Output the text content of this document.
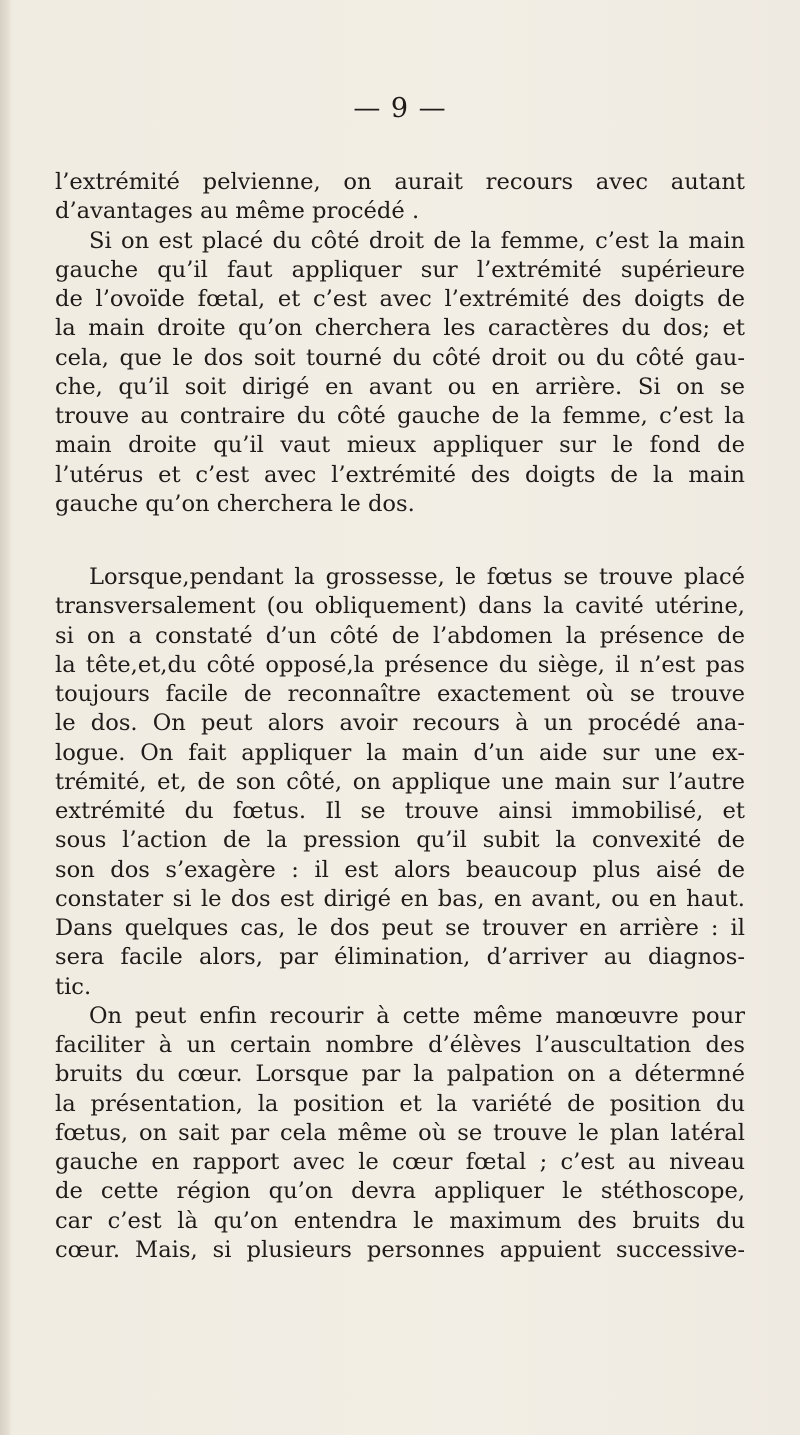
— 9 —
l’extrémité pelvienne, on aurait recours avec autant
d’avantages au même procédé .
Si on est placé du côté droit de la femme, c’est la main
gauche qu’il faut appliquer sur l’extrémité supérieure
de l’ovoïde fœtal, et c’est avec l’extrémité des doigts de
la main droite qu’on cherchera les caractères du dos; et
cela, que le dos soit tourné du côté droit ou du côté gau-
che, qu’il soit dirigé en avant ou en arrière. Si on se
trouve au contraire du côté gauche de la femme, c’est la
main droite qu’il vaut mieux appliquer sur le fond de
l’utérus et c’est avec l’extrémité des doigts de la main
gauche qu’on cherchera le dos.
Lorsque,pendant la grossesse, le fœtus se trouve placé
transversalement (ou obliquement) dans la cavité utérine,
si on a constaté d’un côté de l’abdomen la présence de
la tête,et,du côté opposé,la présence du siège, il n’est pas
toujours facile de reconnaître exactement où se trouve
le dos. On peut alors avoir recours à un procédé ana-
logue. On fait appliquer la main d’un aide sur une ex-
trémité, et, de son côté, on applique une main sur l’autre
extrémité du fœtus. Il se trouve ainsi immobilisé, et
sous l’action de la pression qu’il subit la convexité de
son dos s’exagère : il est alors beaucoup plus aisé de
constater si le dos est dirigé en bas, en avant, ou en haut.
Dans quelques cas, le dos peut se trouver en arrière : il
sera facile alors, par élimination, d’arriver au diagnos-
tic.
On peut enfin recourir à cette même manœuvre pour
faciliter à un certain nombre d’élèves l’auscultation des
bruits du cœur. Lorsque par la palpation on a détermné
la présentation, la position et la variété de position du
fœtus, on sait par cela même où se trouve le plan latéral
gauche en rapport avec le cœur fœtal ; c’est au niveau
de cette région qu’on devra appliquer le stéthoscope,
car c’est là qu’on entendra le maximum des bruits du
cœur. Mais, si plusieurs personnes appuient successive-
